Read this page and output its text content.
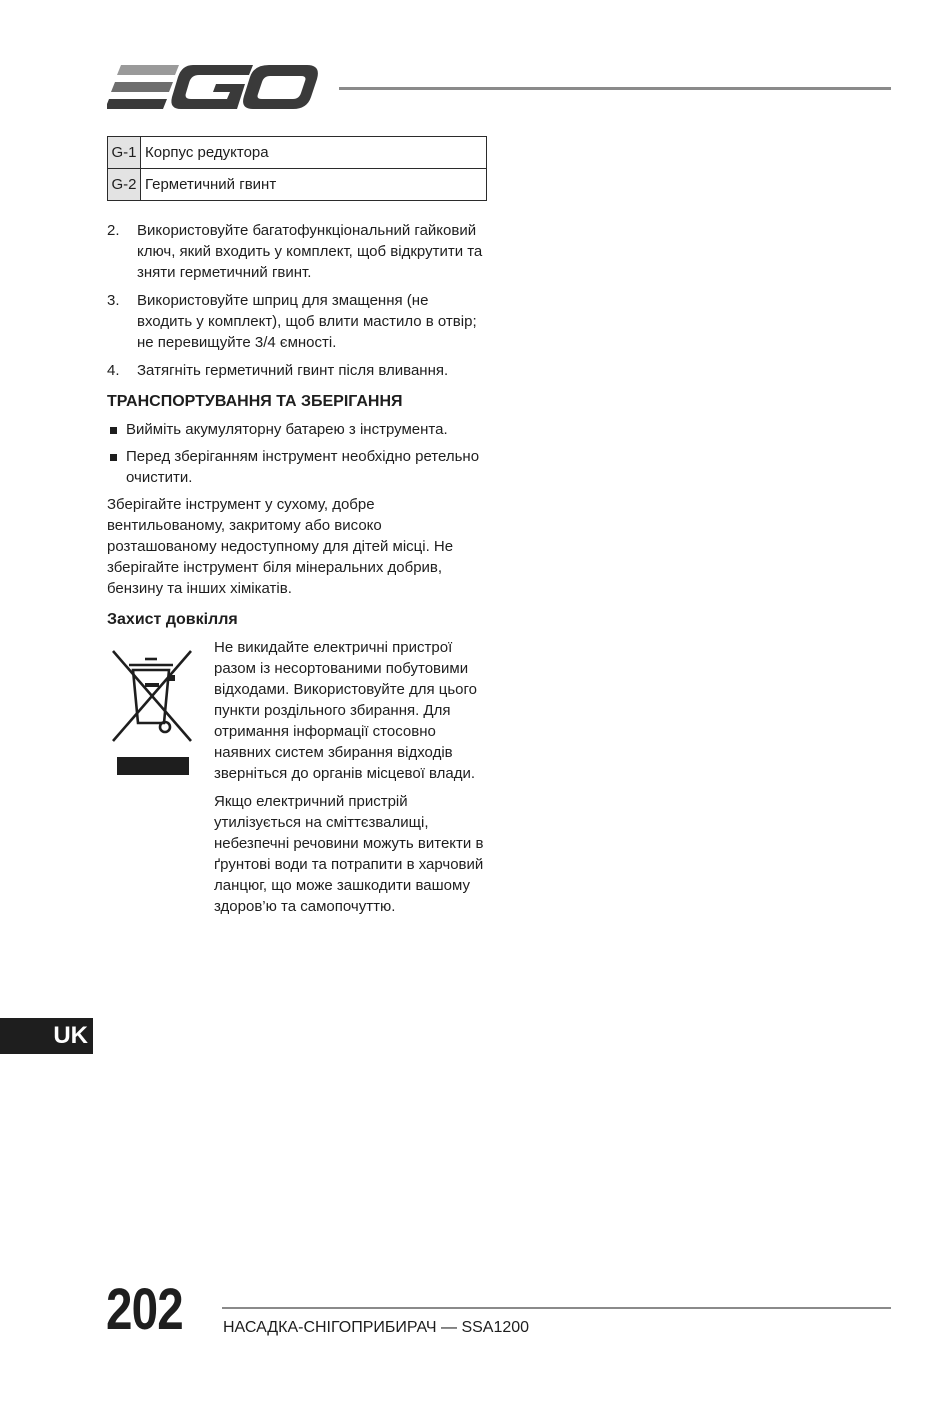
G-1	Корпус редуктора
G-2	Герметичний гвинт
2. Використовуйте багатофункціональний гайковий ключ, який входить у комплект, щоб відкрутити та зняти герметичний гвинт.
3. Використовуйте шприц для змащення (не входить у комплект), щоб влити мастило в отвір; не перевищуйте 3/4 ємності.
4. Затягніть герметичний гвинт після вливання.
ТРАНСПОРТУВАННЯ ТА ЗБЕРІГАННЯ
Вийміть акумуляторну батарею з інструмента.
Перед зберіганням інструмент необхідно ретельно очистити.

Зберігайте інструмент у сухому, добре вентильованому, закритому або високо розташованому недоступному для дітей місці. Не зберігайте інструмент біля мінеральних добрив, бензину та інших хімікатів.

Захист довкілля

Не викидайте електричні пристрої разом із несортованими побутовими відходами. Використовуйте для цього пункти роздільного збирання. Для отримання інформації стосовно наявних систем збирання відходів зверніться до органів місцевої влади.

Якщо електричний пристрій утилізується на сміттєзвалищі, небезпечні речовини можуть витекти в ґрунтові води та потрапити в харчовий ланцюг, що може зашкодити вашому здоров’ю та самопочуттю.

UK
202	НАСАДКА-СНІГОПРИБИРАЧ — SSA1200
